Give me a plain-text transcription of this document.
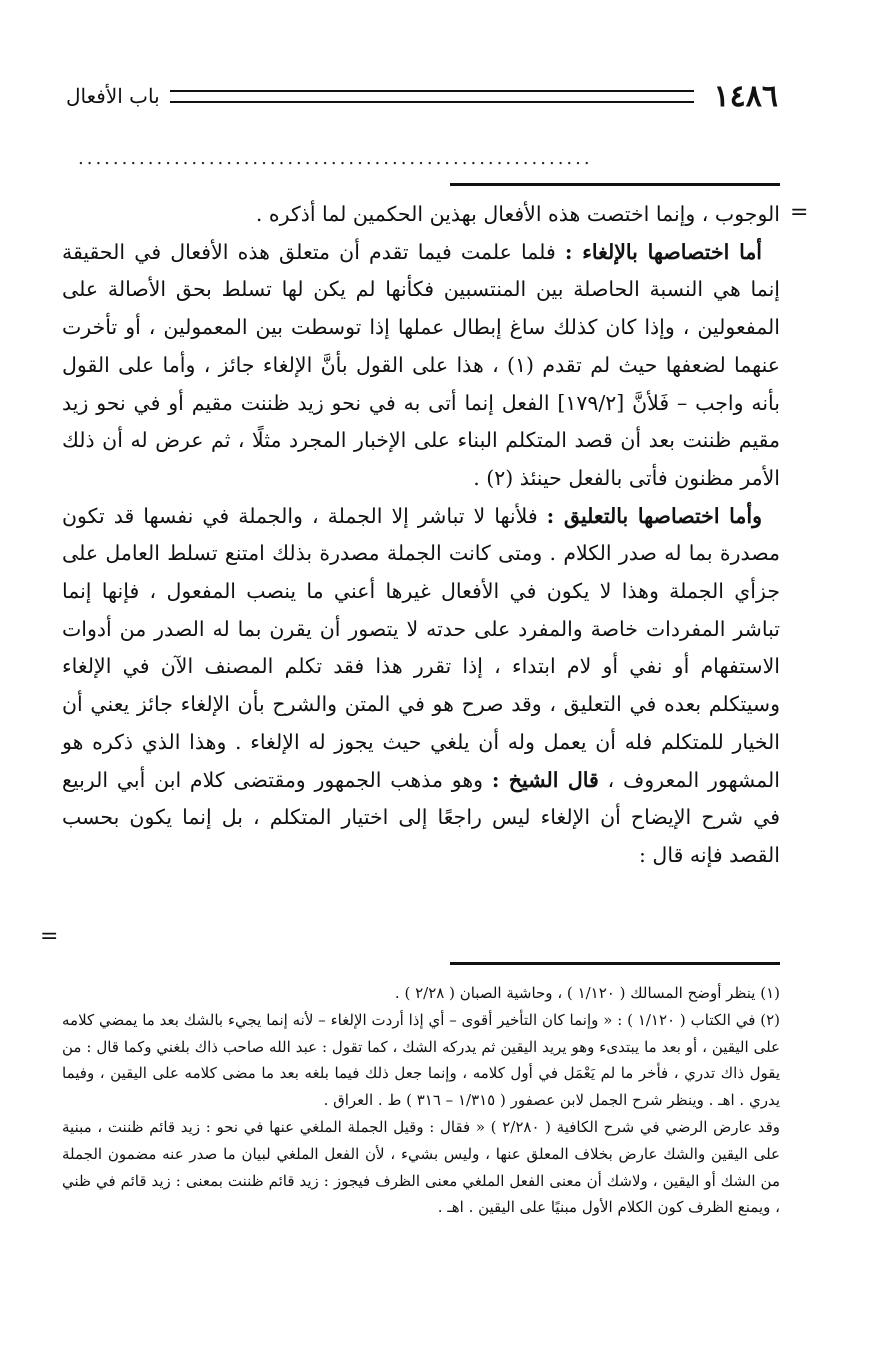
١٤٨٦
باب الأفعال
...........................................................
=

الوجوب ، وإنما اختصت هذه الأفعال بهذين الحكمين لما أذكره .

أما اختصاصها بالإلغاء : فلما علمت فيما تقدم أن متعلق هذه الأفعال في الحقيقة إنما هي النسبة الحاصلة بين المنتسبين فكأنها لم يكن لها تسلط بحق الأصالة على المفعولين ، وإذا كان كذلك ساغ إبطال عملها إذا توسطت بين المعمولين ، أو تأخرت عنهما لضعفها حيث لم تقدم (١) ، هذا على القول بأنَّ الإلغاء جائز ، وأما على القول بأنه واجب – فَلأنَّ [١٧٩/٢] الفعل إنما أتى به في نحو زيد ظننت مقيم أو في نحو زيد مقيم ظننت بعد أن قصد المتكلم البناء على الإخبار المجرد مثلًا ، ثم عرض له أن ذلك الأمر مظنون فأتى بالفعل حينئذ (٢) .

وأما اختصاصها بالتعليق : فلأنها لا تباشر إلا الجملة ، والجملة في نفسها قد تكون مصدرة بما له صدر الكلام . ومتى كانت الجملة مصدرة بذلك امتنع تسلط العامل على جزأي الجملة وهذا لا يكون في الأفعال غيرها أعني ما ينصب المفعول ، فإنها إنما تباشر المفردات خاصة والمفرد على حدته لا يتصور أن يقرن بما له الصدر من أدوات الاستفهام أو نفي أو لام ابتداء ، إذا تقرر هذا فقد تكلم المصنف الآن في الإلغاء وسيتكلم بعده في التعليق ، وقد صرح هو في المتن والشرح بأن الإلغاء جائز يعني أن الخيار للمتكلم فله أن يعمل وله أن يلغي حيث يجوز له الإلغاء . وهذا الذي ذكره هو المشهور المعروف ، قال الشيخ : وهو مذهب الجمهور ومقتضى كلام ابن أبي الربيع في شرح الإيضاح أن الإلغاء ليس راجعًا إلى اختيار المتكلم ، بل إنما يكون بحسب القصد فإنه قال :

=

(١) ينظر أوضح المسالك ( ١/١٢٠ ) ، وحاشية الصبان ( ٢/٢٨ ) .

(٢) في الكتاب ( ١/١٢٠ ) : « وإنما كان التأخير أقوى – أي إذا أردت الإلغاء – لأنه إنما يجيء بالشك بعد ما يمضي كلامه على اليقين ، أو بعد ما يبتدىء وهو يريد اليقين ثم يدركه الشك ، كما تقول : عبد الله صاحب ذاك بلغني وكما قال : من يقول ذاك تدري ، فأخر ما لم يَعْمَل في أول كلامه ، وإنما جعل ذلك فيما بلغه بعد ما مضى كلامه على اليقين ، وفيما يدري . اهـ . وينظر شرح الجمل لابن عصفور ( ١/٣١٥ – ٣١٦ ) ط . العراق .

وقد عارض الرضي في شرح الكافية ( ٢/٢٨٠ ) « فقال : وقيل الجملة الملغي عنها في نحو : زيد قائم ظننت ، مبنية على اليقين والشك عارض بخلاف المعلق عنها ، وليس بشيء ، لأن الفعل الملغي لبيان ما صدر عنه مضمون الجملة من الشك أو اليقين ، ولاشك أن معنى الفعل الملغي معنى الظرف فيجوز : زيد قائم ظننت بمعنى : زيد قائم في ظني ، ويمنع الظرف كون الكلام الأول مبنيًا على اليقين . اهـ .
